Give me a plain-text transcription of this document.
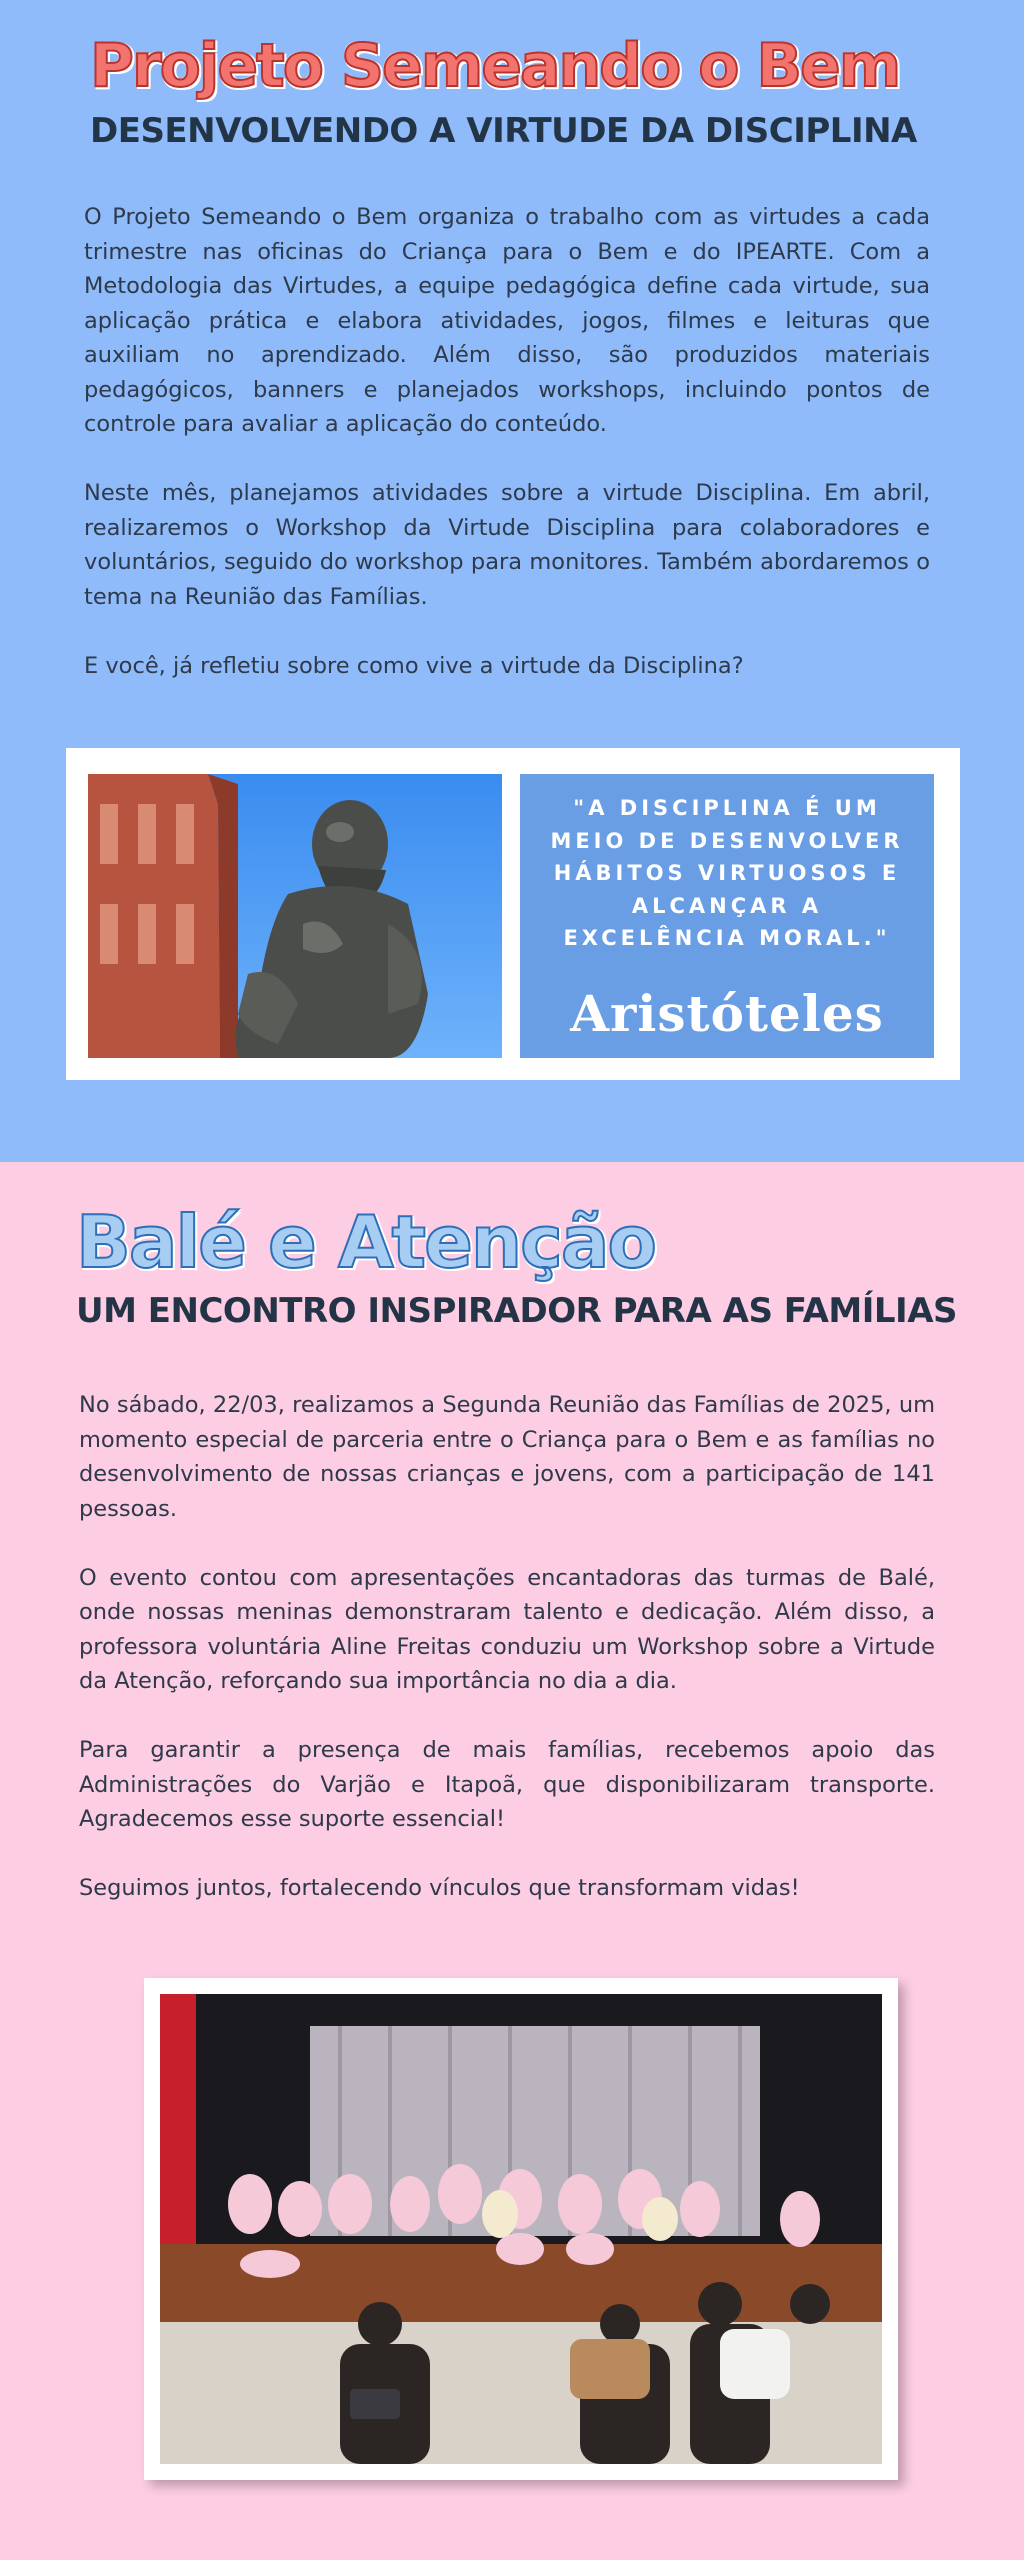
Projeto Semeando o Bem
DESENVOLVENDO A VIRTUDE DA DISCIPLINA

O Projeto Semeando o Bem organiza o trabalho com as virtudes a cada trimestre nas oficinas do Criança para o Bem e do IPEARTE. Com a Metodologia das Virtudes, a equipe pedagógica define cada virtude, sua aplicação prática e elabora atividades, jogos, filmes e leituras que auxiliam no aprendizado. Além disso, são produzidos materiais pedagógicos, banners e planejados workshops, incluindo pontos de controle para avaliar a aplicação do conteúdo.

Neste mês, planejamos atividades sobre a virtude Disciplina. Em abril, realizaremos o Workshop da Virtude Disciplina para colaboradores e voluntários, seguido do workshop para monitores. Também abordaremos o tema na Reunião das Famílias.

E você, já refletiu sobre como vive a virtude da Disciplina?

"A DISCIPLINA É UM MEIO DE DESENVOLVER HÁBITOS VIRTUOSOS E ALCANÇAR A EXCELÊNCIA MORAL."
Aristóteles
Balé e Atenção
UM ENCONTRO INSPIRADOR PARA AS FAMÍLIAS

No sábado, 22/03, realizamos a Segunda Reunião das Famílias de 2025, um momento especial de parceria entre o Criança para o Bem e as famílias no desenvolvimento de nossas crianças e jovens, com a participação de 141 pessoas.

O evento contou com apresentações encantadoras das turmas de Balé, onde nossas meninas demonstraram talento e dedicação. Além disso, a professora voluntária Aline Freitas conduziu um Workshop sobre a Virtude da Atenção, reforçando sua importância no dia a dia.

Para garantir a presença de mais famílias, recebemos apoio das Administrações do Varjão e Itapoã, que disponibilizaram transporte. Agradecemos esse suporte essencial!

Seguimos juntos, fortalecendo vínculos que transformam vidas!
